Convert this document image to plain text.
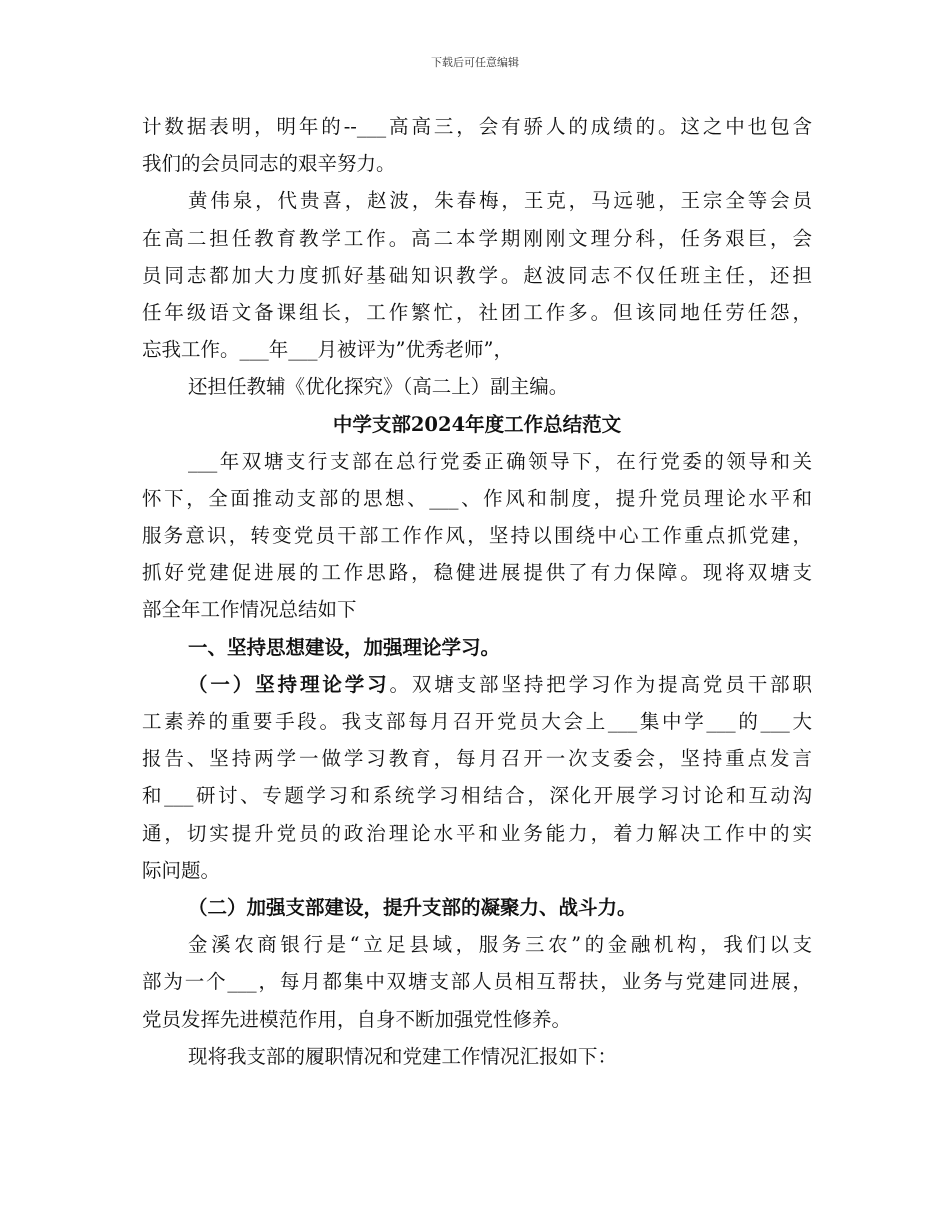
下载后可任意编辑
计数据表明，明年的--___高高三，会有骄人的成绩的。这之中也包含
我们的会员同志的艰辛努力。
黄伟泉，代贵喜，赵波，朱春梅，王克，马远驰，王宗全等会员
在高二担任教育教学工作。高二本学期刚刚文理分科，任务艰巨，会
员同志都加大力度抓好基础知识教学。赵波同志不仅任班主任，还担
任年级语文备课组长，工作繁忙，社团工作多。但该同地任劳任怨，
忘我工作。___年___月被评为”优秀老师”，
还担任教辅《优化探究》（高二上）副主编。
中学支部2024年度工作总结范文
___年双塘支行支部在总行党委正确领导下，在行党委的领导和关
怀下，全面推动支部的思想、___、作风和制度，提升党员理论水平和
服务意识，转变党员干部工作作风，坚持以围绕中心工作重点抓党建，
抓好党建促进展的工作思路，稳健进展提供了有力保障。现将双塘支
部全年工作情况总结如下
一、坚持思想建设，加强理论学习。
（一）坚持理论学习。双塘支部坚持把学习作为提高党员干部职
工素养的重要手段。我支部每月召开党员大会上___集中学___的___大
报告、坚持两学一做学习教育，每月召开一次支委会，坚持重点发言
和___研讨、专题学习和系统学习相结合，深化开展学习讨论和互动沟
通，切实提升党员的政治理论水平和业务能力，着力解决工作中的实
际问题。
（二）加强支部建设，提升支部的凝聚力、战斗力。
金溪农商银行是“立足县域，服务三农”的金融机构，我们以支
部为一个___，每月都集中双塘支部人员相互帮扶，业务与党建同进展，
党员发挥先进模范作用，自身不断加强党性修养。
现将我支部的履职情况和党建工作情况汇报如下：
